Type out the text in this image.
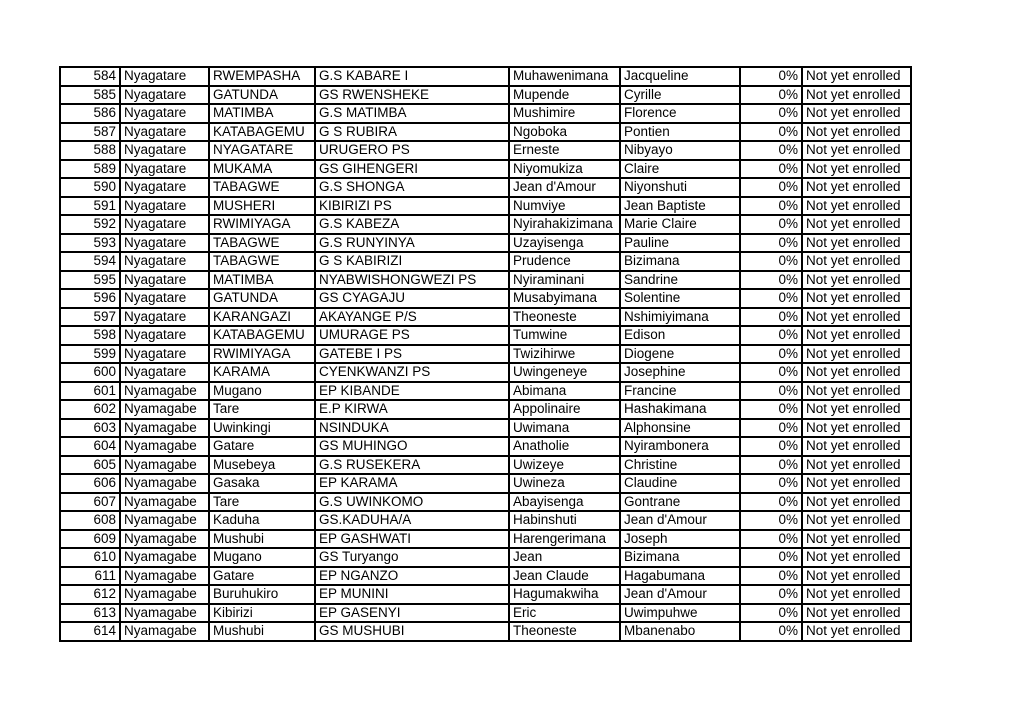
584	Nyagatare	RWEMPASHA	G.S KABARE I	Muhawenimana	Jacqueline	0%	Not yet enrolled
585	Nyagatare	GATUNDA	GS RWENSHEKE	Mupende	Cyrille	0%	Not yet enrolled
586	Nyagatare	MATIMBA	G.S MATIMBA	Mushimire	Florence	0%	Not yet enrolled
587	Nyagatare	KATABAGEMU	G S RUBIRA	Ngoboka	Pontien	0%	Not yet enrolled
588	Nyagatare	NYAGATARE	URUGERO PS	Erneste	Nibyayo	0%	Not yet enrolled
589	Nyagatare	MUKAMA	GS GIHENGERI	Niyomukiza	Claire	0%	Not yet enrolled
590	Nyagatare	TABAGWE	G.S SHONGA	Jean d'Amour	Niyonshuti	0%	Not yet enrolled
591	Nyagatare	MUSHERI	KIBIRIZI PS	Numviye	Jean Baptiste	0%	Not yet enrolled
592	Nyagatare	RWIMIYAGA	G.S KABEZA	Nyirahakizimana	Marie Claire	0%	Not yet enrolled
593	Nyagatare	TABAGWE	G.S RUNYINYA	Uzayisenga	Pauline	0%	Not yet enrolled
594	Nyagatare	TABAGWE	G S KABIRIZI	Prudence	Bizimana	0%	Not yet enrolled
595	Nyagatare	MATIMBA	NYABWISHONGWEZI PS	Nyiraminani	Sandrine	0%	Not yet enrolled
596	Nyagatare	GATUNDA	GS CYAGAJU	Musabyimana	Solentine	0%	Not yet enrolled
597	Nyagatare	KARANGAZI	AKAYANGE P/S	Theoneste	Nshimiyimana	0%	Not yet enrolled
598	Nyagatare	KATABAGEMU	UMURAGE PS	Tumwine	Edison	0%	Not yet enrolled
599	Nyagatare	RWIMIYAGA	GATEBE I PS	Twizihirwe	Diogene	0%	Not yet enrolled
600	Nyagatare	KARAMA	CYENKWANZI PS	Uwingeneye	Josephine	0%	Not yet enrolled
601	Nyamagabe	Mugano	EP KIBANDE	Abimana	Francine	0%	Not yet enrolled
602	Nyamagabe	Tare	E.P KIRWA	Appolinaire	Hashakimana	0%	Not yet enrolled
603	Nyamagabe	Uwinkingi	NSINDUKA	Uwimana	Alphonsine	0%	Not yet enrolled
604	Nyamagabe	Gatare	GS MUHINGO	Anatholie	Nyirambonera	0%	Not yet enrolled
605	Nyamagabe	Musebeya	G.S RUSEKERA	Uwizeye	Christine	0%	Not yet enrolled
606	Nyamagabe	Gasaka	EP KARAMA	Uwineza	Claudine	0%	Not yet enrolled
607	Nyamagabe	Tare	G.S UWINKOMO	Abayisenga	Gontrane	0%	Not yet enrolled
608	Nyamagabe	Kaduha	GS.KADUHA/A	Habinshuti	Jean d'Amour	0%	Not yet enrolled
609	Nyamagabe	Mushubi	EP GASHWATI	Harengerimana	Joseph	0%	Not yet enrolled
610	Nyamagabe	Mugano	GS Turyango	Jean	Bizimana	0%	Not yet enrolled
611	Nyamagabe	Gatare	EP NGANZO	Jean Claude	Hagabumana	0%	Not yet enrolled
612	Nyamagabe	Buruhukiro	EP MUNINI	Hagumakwiha	Jean d'Amour	0%	Not yet enrolled
613	Nyamagabe	Kibirizi	EP GASENYI	Eric	Uwimpuhwe	0%	Not yet enrolled
614	Nyamagabe	Mushubi	GS MUSHUBI	Theoneste	Mbanenabo	0%	Not yet enrolled
